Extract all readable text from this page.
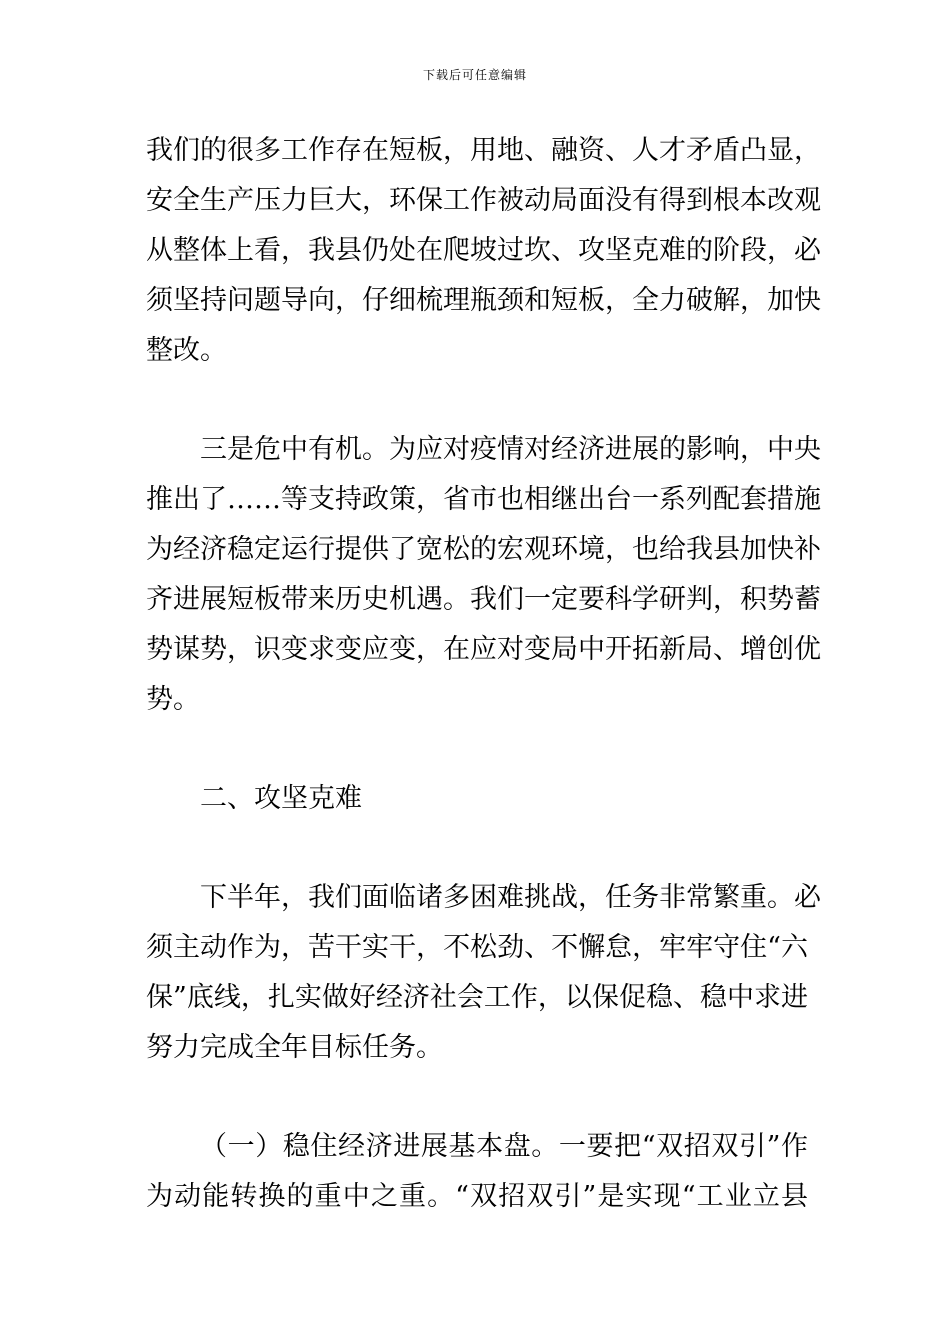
下载后可任意编辑
我们的很多工作存在短板，用地、融资、人才矛盾凸显，
安全生产压力巨大，环保工作被动局面没有得到根本改观
从整体上看，我县仍处在爬坡过坎、攻坚克难的阶段，必
须坚持问题导向，仔细梳理瓶颈和短板，全力破解，加快
整改。
三是危中有机。为应对疫情对经济进展的影响，中央
推出了……等支持政策，省市也相继出台一系列配套措施
为经济稳定运行提供了宽松的宏观环境，也给我县加快补
齐进展短板带来历史机遇。我们一定要科学研判，积势蓄
势谋势，识变求变应变，在应对变局中开拓新局、增创优
势。
二、攻坚克难
下半年，我们面临诸多困难挑战，任务非常繁重。必
须主动作为，苦干实干，不松劲、不懈怠，牢牢守住“六
保”底线，扎实做好经济社会工作，以保促稳、稳中求进
努力完成全年目标任务。
（一）稳住经济进展基本盘。一要把“双招双引”作
为动能转换的重中之重。“双招双引”是实现“工业立县
